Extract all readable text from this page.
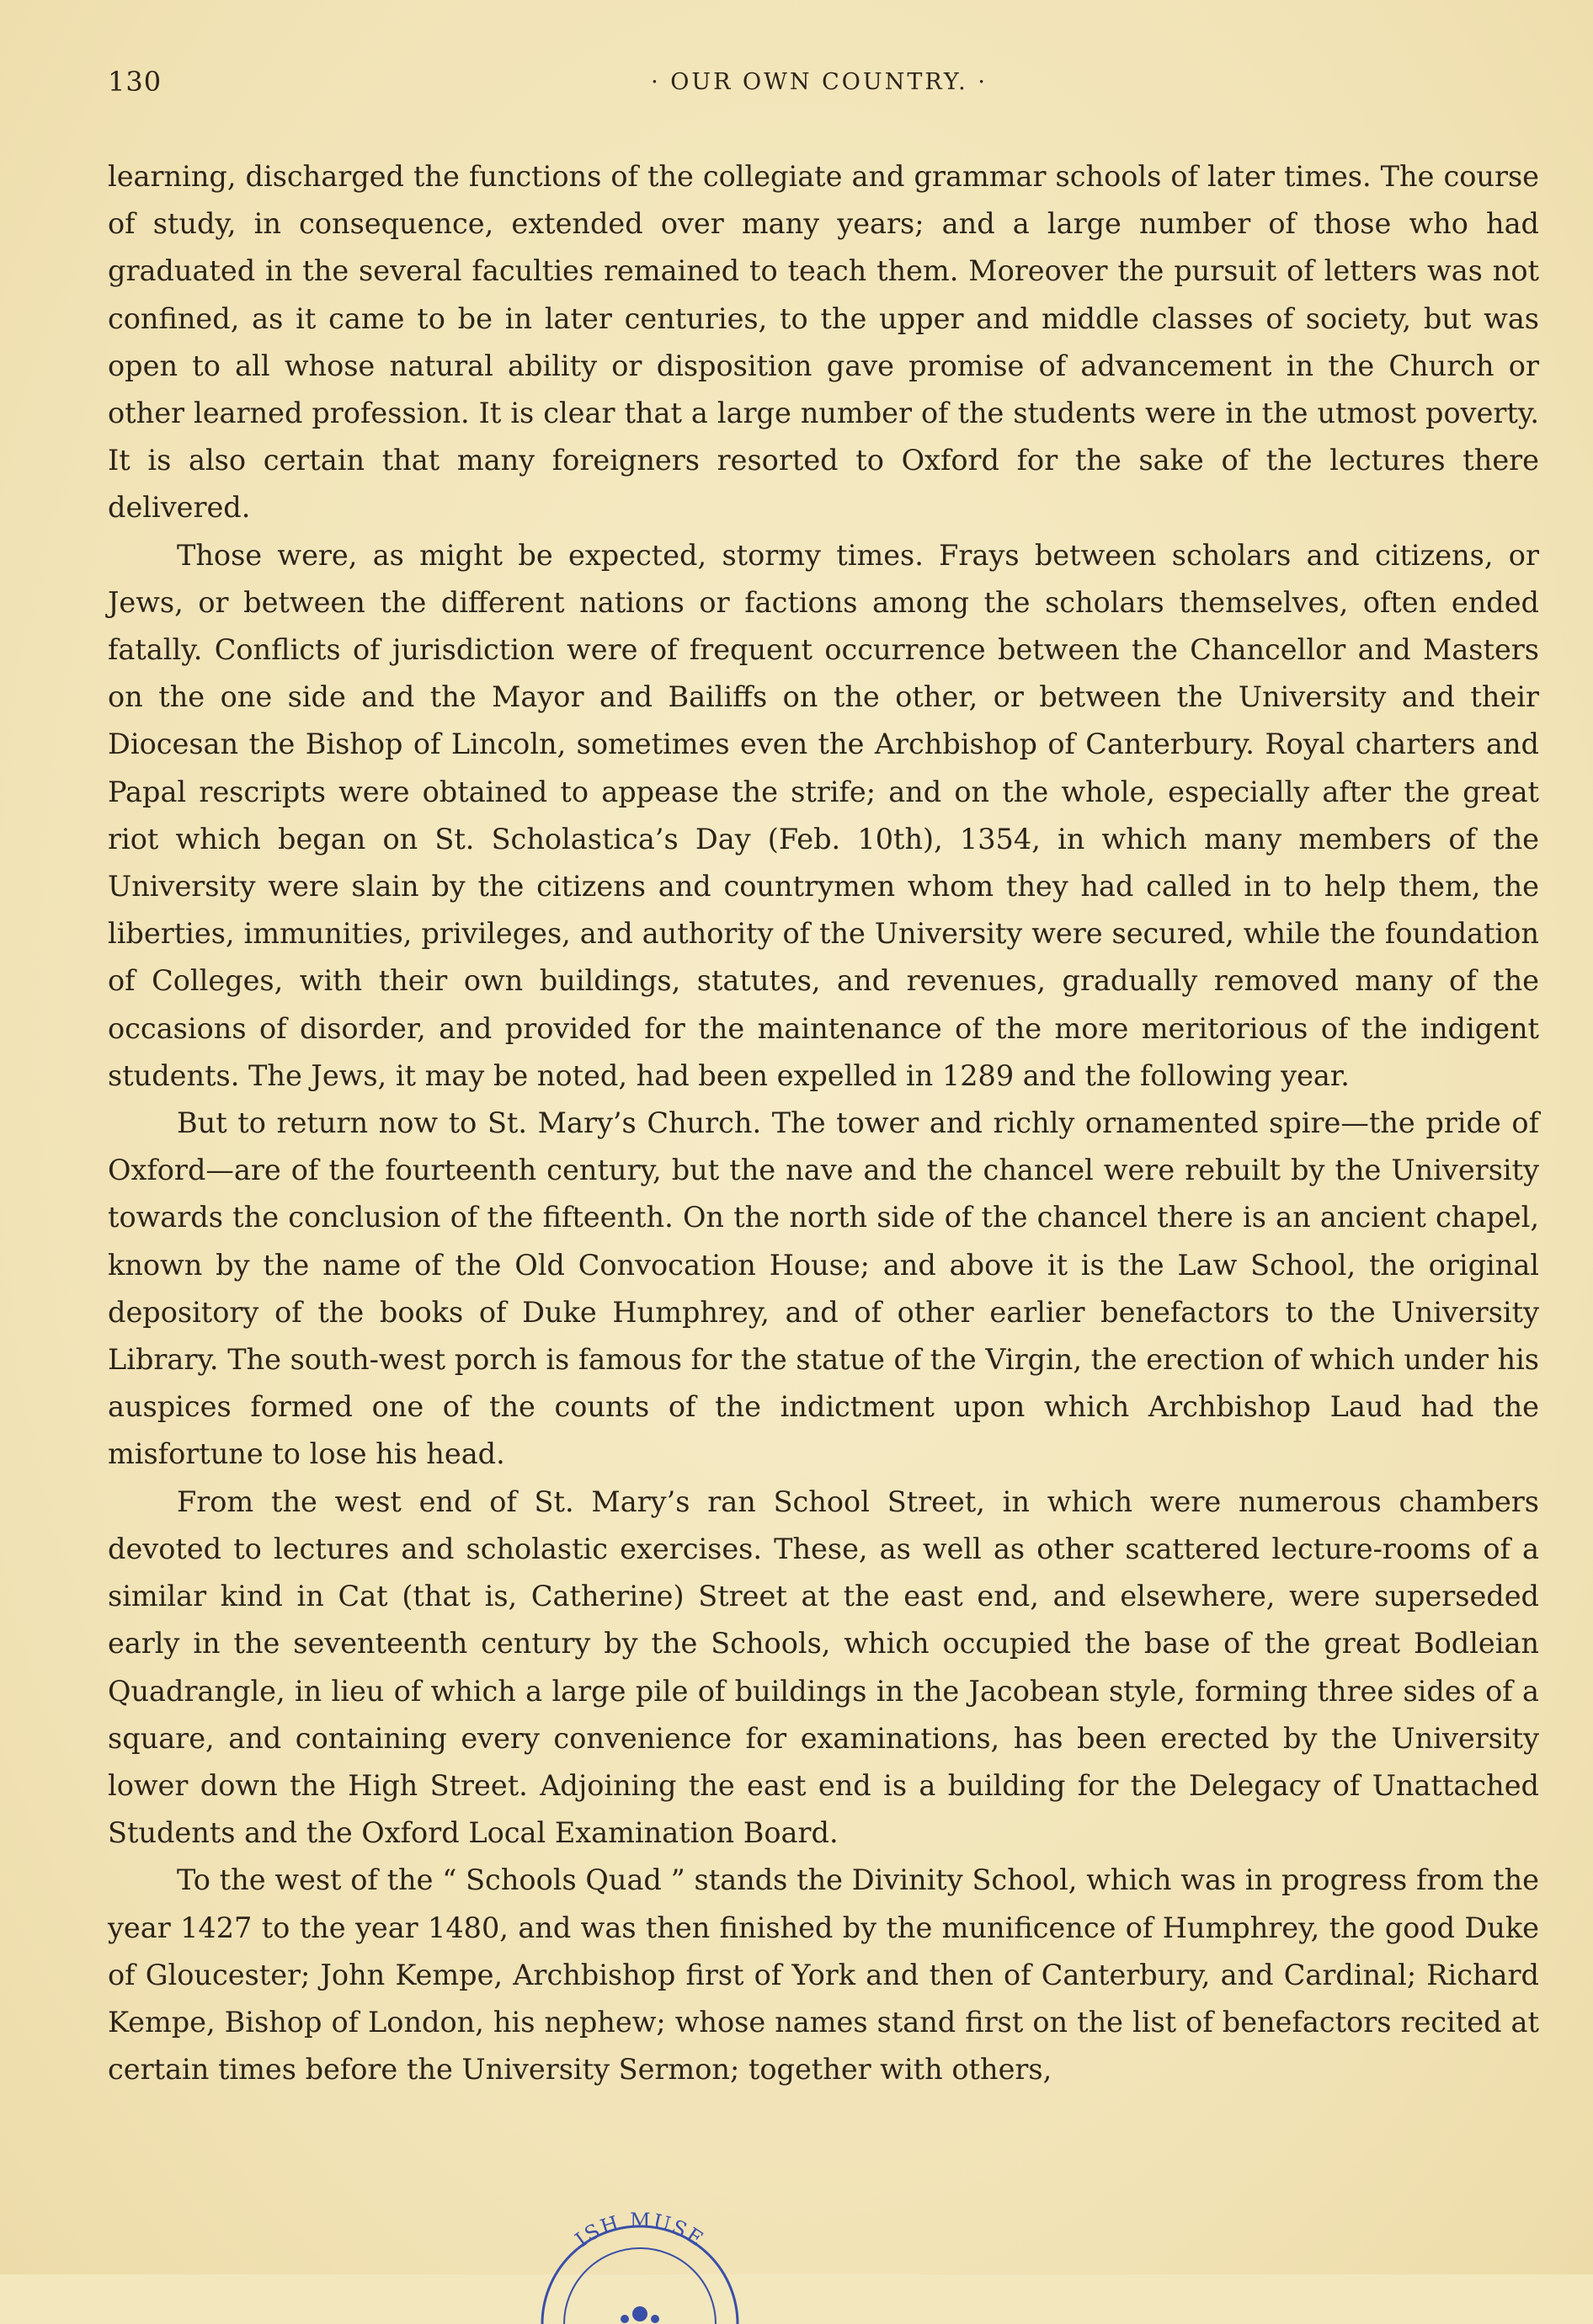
130	· OUR OWN COUNTRY. ·

learning, discharged the functions of the collegiate and grammar schools of later times. The course of study, in consequence, extended over many years; and a large number of those who had graduated in the several faculties remained to teach them. Moreover the pursuit of letters was not confined, as it came to be in later centuries, to the upper and middle classes of society, but was open to all whose natural ability or disposition gave promise of advancement in the Church or other learned profession. It is clear that a large number of the students were in the utmost poverty. It is also certain that many foreigners resorted to Oxford for the sake of the lectures there delivered.

Those were, as might be expected, stormy times. Frays between scholars and citizens, or Jews, or between the different nations or factions among the scholars themselves, often ended fatally. Conflicts of jurisdiction were of frequent occurrence between the Chancellor and Masters on the one side and the Mayor and Bailiffs on the other, or between the University and their Diocesan the Bishop of Lincoln, sometimes even the Archbishop of Canterbury. Royal charters and Papal rescripts were obtained to appease the strife; and on the whole, especially after the great riot which began on St. Scholastica’s Day (Feb. 10th), 1354, in which many members of the University were slain by the citizens and countrymen whom they had called in to help them, the liberties, immunities, privileges, and authority of the University were secured, while the foundation of Colleges, with their own buildings, statutes, and revenues, gradually removed many of the occasions of disorder, and provided for the maintenance of the more meritorious of the indigent students. The Jews, it may be noted, had been expelled in 1289 and the following year.

But to return now to St. Mary’s Church. The tower and richly ornamented spire—the pride of Oxford—are of the fourteenth century, but the nave and the chancel were rebuilt by the University towards the conclusion of the fifteenth. On the north side of the chancel there is an ancient chapel, known by the name of the Old Convocation House; and above it is the Law School, the original depository of the books of Duke Humphrey, and of other earlier benefactors to the University Library. The south-west porch is famous for the statue of the Virgin, the erection of which under his auspices formed one of the counts of the indictment upon which Archbishop Laud had the misfortune to lose his head.

From the west end of St. Mary’s ran School Street, in which were numerous chambers devoted to lectures and scholastic exercises. These, as well as other scattered lecture-rooms of a similar kind in Cat (that is, Catherine) Street at the east end, and elsewhere, were superseded early in the seventeenth century by the Schools, which occupied the base of the great Bodleian Quadrangle, in lieu of which a large pile of buildings in the Jacobean style, forming three sides of a square, and containing every convenience for examinations, has been erected by the University lower down the High Street. Adjoining the east end is a building for the Delegacy of Unattached Students and the Oxford Local Examination Board.

To the west of the “ Schools Quad ” stands the Divinity School, which was in progress from the year 1427 to the year 1480, and was then finished by the munificence of Humphrey, the good Duke of Gloucester; John Kempe, Archbishop first of York and then of Canterbury, and Cardinal; Richard Kempe, Bishop of London, his nephew; whose names stand first on the list of benefactors recited at certain times before the University Sermon; together with others,

ISH MUSE
